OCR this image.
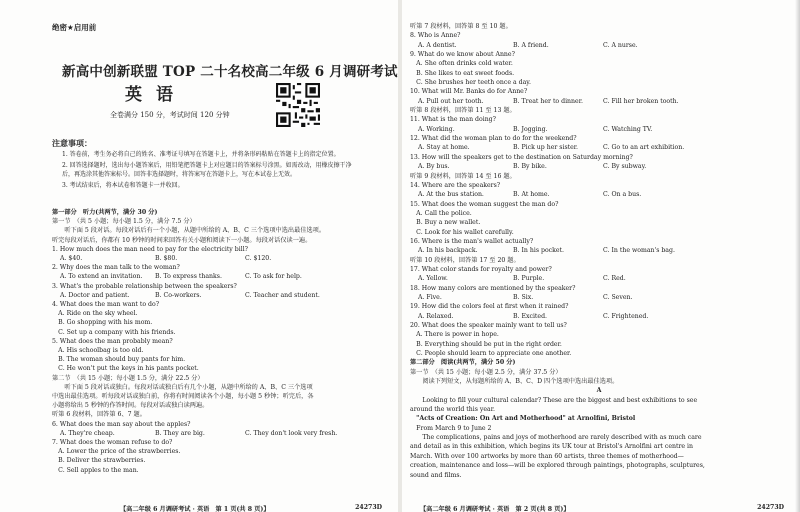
绝密★启用前
新高中创新联盟 TOP 二十名校高二年级 6 月调研考试
英语
全卷满分 150 分，考试时间 120 分钟
注意事项：

1. 答卷前，考生务必将自己的姓名、准考证号填写在答题卡上，并将条形码粘贴在答题卡上的指定位置。

2. 回答选择题时，选出每小题答案后，用铅笔把答题卡上对应题目的答案标号涂黑。如需改动，用橡皮擦干净后，再选涂其他答案标号。回答非选择题时，将答案写在答题卡上，写在本试卷上无效。

3. 考试结束后，将本试卷和答题卡一并收回。

第一部分　听力(共两节，满分 30 分)

第一节　（共 5 小题；每小题 1.5 分，满分 7.5 分）

　　听下面 5 段对话。每段对话后有一个小题，从题中所给的 A、B、C 三个选项中选出最佳选项。

听完每段对话后，你都有 10 秒钟的时间来回答有关小题和阅读下一小题。每段对话仅读一遍。

1. How much does the man need to pay for the electricity bill?

A. $40.	B. $80.	C. $120.

2. Why does the man talk to the woman?

A. To extend an invitation.	B. To express thanks.	C. To ask for help.

3. What's the probable relationship between the speakers?

A. Doctor and patient.	B. Co-workers.	C. Teacher and student.

4. What does the man want to do?

　A. Ride on the sky wheel.

　B. Go shopping with his mom.

　C. Set up a company with his friends.

5. What does the man probably mean?

　A. His schoolbag is too old.

　B. The woman should buy pants for him.

　C. He won't put the keys in his pants pocket.

第二节　（共 15 小题；每小题 1.5 分，满分 22.5 分）

　　听下面 5 段对话或独白。每段对话或独白后有几个小题，从题中所给的 A、B、C 三个选项

中选出最佳选项。听每段对话或独白前，你将有时间阅读各个小题，每小题 5 秒钟；听完后，各

小题将给出 5 秒钟的作答时间。每段对话或独白读两遍。

听第 6 段材料，回答第 6、7 题。

6. What does the man say about the apples?

A. They're cheap.	B. They are big.	C. They don't look very fresh.

7. What does the woman refuse to do?

　A. Lower the price of the strawberries.

　B. Deliver the strawberries.

　C. Sell apples to the man.

【高二年级 6 月调研考试 · 英语　第 1 页(共 8 页)】	24273D

听第 7 段材料，回答第 8 至 10 题。

8. Who is Anne?

A. A dentist.	B. A friend.	C. A nurse.

9. What do we know about Anne?

　A. She often drinks cold water.

　B. She likes to eat sweet foods.

　C. She brushes her teeth once a day.

10. What will Mr. Banks do for Anne?

A. Pull out her tooth.	B. Treat her to dinner.	C. Fill her broken tooth.

听第 8 段材料，回答第 11 至 13 题。

11. What is the man doing?

A. Working.	B. Jogging.	C. Watching TV.

12. What did the woman plan to do for the weekend?

A. Stay at home.	B. Pick up her sister.	C. Go to an art exhibition.

13. How will the speakers get to the destination on Saturday morning?

A. By bus.	B. By bike.	C. By subway.

听第 9 段材料，回答第 14 至 16 题。

14. Where are the speakers?

A. At the bus station.	B. At home.	C. On a bus.

15. What does the woman suggest the man do?

　A. Call the police.

　B. Buy a new wallet.

　C. Look for his wallet carefully.

16. Where is the man's wallet actually?

A. In his backpack.	B. In his pocket.	C. In the woman's bag.

听第 10 段材料，回答第 17 至 20 题。

17. What color stands for royalty and power?

A. Yellow.	B. Purple.	C. Red.

18. How many colors are mentioned by the speaker?

A. Five.	B. Six.	C. Seven.

19. How did the colors feel at first when it rained?

A. Relaxed.	B. Excited.	C. Frightened.

20. What does the speaker mainly want to tell us?

　A. There is power in hope.

　B. Everything should be put in the right order.

　C. People should learn to appreciate one another.

第二部分　阅读(共两节，满分 50 分)

第一节　（共 15 小题；每小题 2.5 分，满分 37.5 分）

　　阅读下列短文，从每题所给的 A、B、C、D 四个选项中选出最佳选项。

A

　　Looking to fill your cultural calendar? These are the biggest and best exhibitions to see

around the world this year.

　"Acts of Creation: On Art and Motherhood" at Arnolfini, Bristol

　From March 9 to June 2

　　The complications, pains and joys of motherhood are rarely described with as much care

and detail as in this exhibition, which begins its UK tour at Bristol's Arnolfini art centre in

March. With over 100 artworks by more than 60 artists, three themes of motherhood—

creation, maintenance and loss—will be explored through paintings, photographs, sculptures,

sound and films.

【高二年级 6 月调研考试 · 英语　第 2 页(共 8 页)】	24273D
